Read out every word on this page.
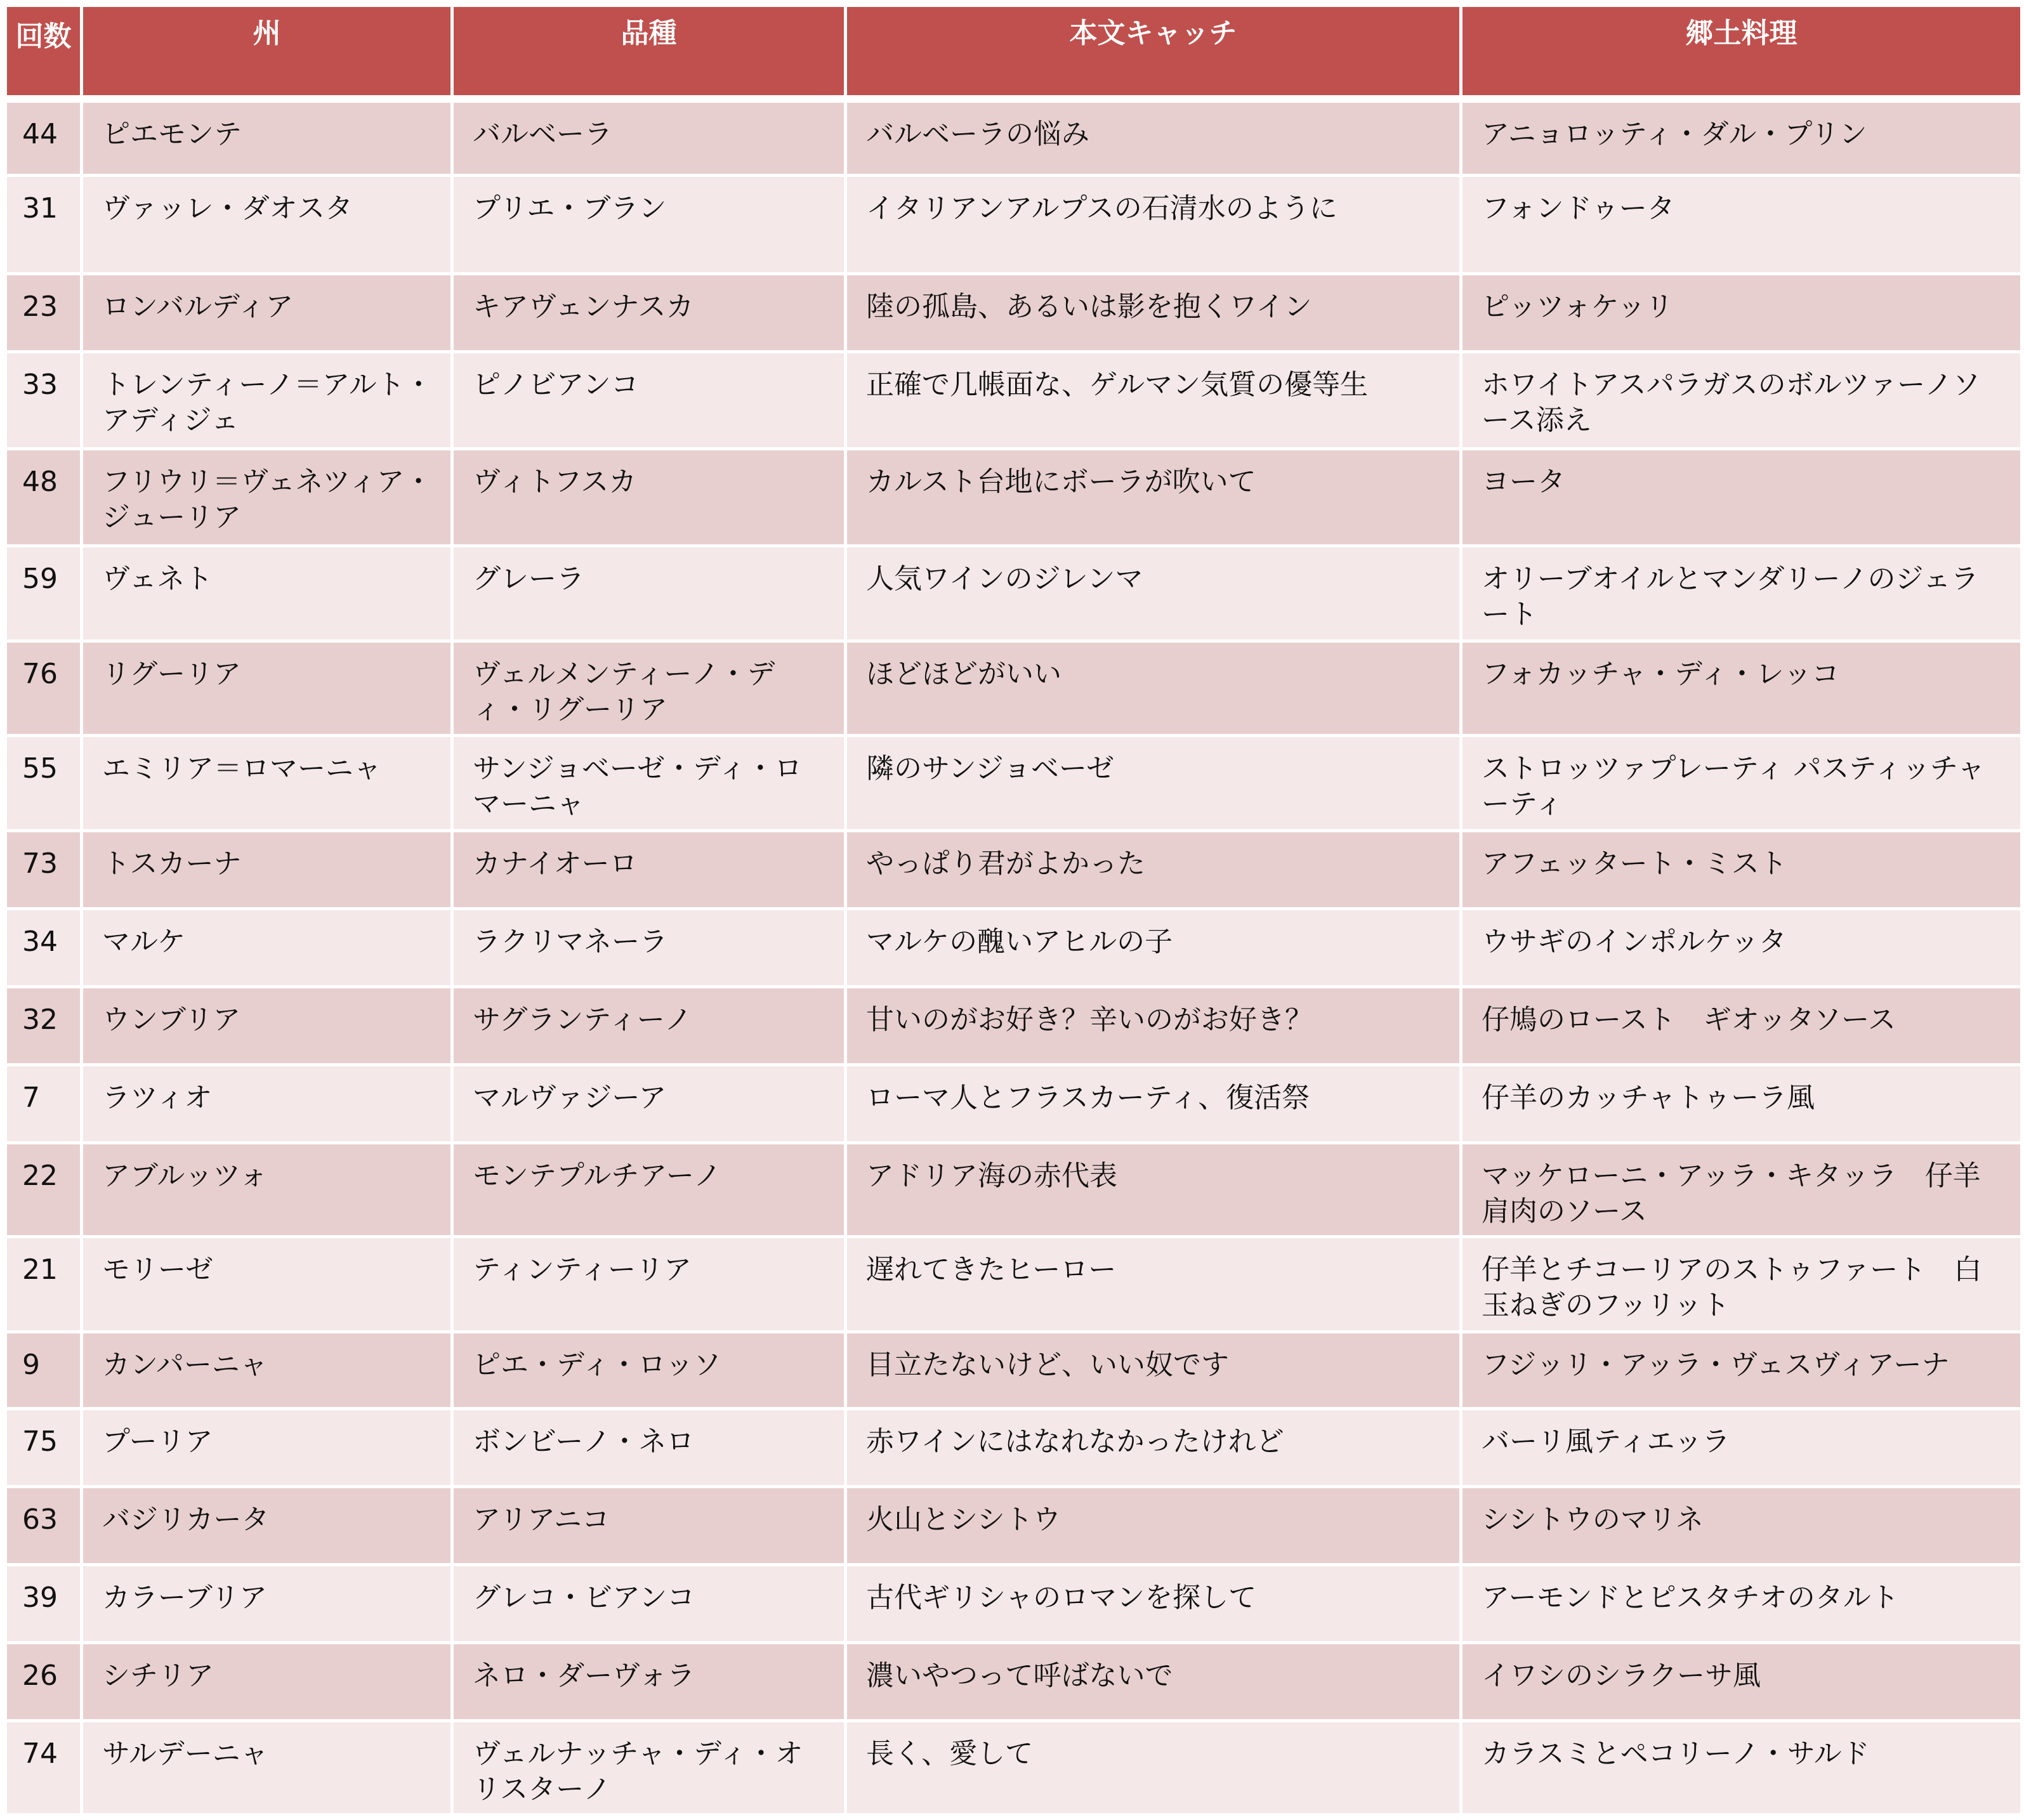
回数	州	品種	本文キャッチ	郷土料理
44	ピエモンテ	バルベーラ	バルベーラの悩み	アニョロッティ・ダル・プリン
31	ヴァッレ・ダオスタ	プリエ・ブラン	イタリアンアルプスの石清水のように	フォンドゥータ
23	ロンバルディア	キアヴェンナスカ	陸の孤島、あるいは影を抱くワイン	ピッツォケッリ
33	トレンティーノ＝アルト・アディジェ	ピノビアンコ	正確で几帳面な、ゲルマン気質の優等生	ホワイトアスパラガスのボルツァーノソース添え
48	フリウリ＝ヴェネツィア・ジューリア	ヴィトフスカ	カルスト台地にボーラが吹いて	ヨータ
59	ヴェネト	グレーラ	人気ワインのジレンマ	オリーブオイルとマンダリーノのジェラート
76	リグーリア	ヴェルメンティーノ・ディ・リグーリア	ほどほどがいい	フォカッチャ・ディ・レッコ
55	エミリア＝ロマーニャ	サンジョベーゼ・ディ・ロマーニャ	隣のサンジョベーゼ	ストロッツァプレーティ パスティッチャーティ
73	トスカーナ	カナイオーロ	やっぱり君がよかった	アフェッタート・ミスト
34	マルケ	ラクリマネーラ	マルケの醜いアヒルの子	ウサギのインポルケッタ
32	ウンブリア	サグランティーノ	甘いのがお好き？辛いのがお好き？	仔鳩のロースト　ギオッタソース
7	ラツィオ	マルヴァジーア	ローマ人とフラスカーティ、復活祭	仔羊のカッチャトゥーラ風
22	アブルッツォ	モンテプルチアーノ	アドリア海の赤代表	マッケローニ・アッラ・キタッラ　仔羊肩肉のソース
21	モリーゼ	ティンティーリア	遅れてきたヒーロー	仔羊とチコーリアのストゥファート　白玉ねぎのフッリット
9	カンパーニャ	ピエ・ディ・ロッソ	目立たないけど、いい奴です	フジッリ・アッラ・ヴェスヴィアーナ
75	プーリア	ボンビーノ・ネロ	赤ワインにはなれなかったけれど	バーリ風ティエッラ
63	バジリカータ	アリアニコ	火山とシシトウ	シシトウのマリネ
39	カラーブリア	グレコ・ビアンコ	古代ギリシャのロマンを探して	アーモンドとピスタチオのタルト
26	シチリア	ネロ・ダーヴォラ	濃いやつって呼ばないで	イワシのシラクーサ風
74	サルデーニャ	ヴェルナッチャ・ディ・オリスターノ	長く、愛して	カラスミとペコリーノ・サルド
